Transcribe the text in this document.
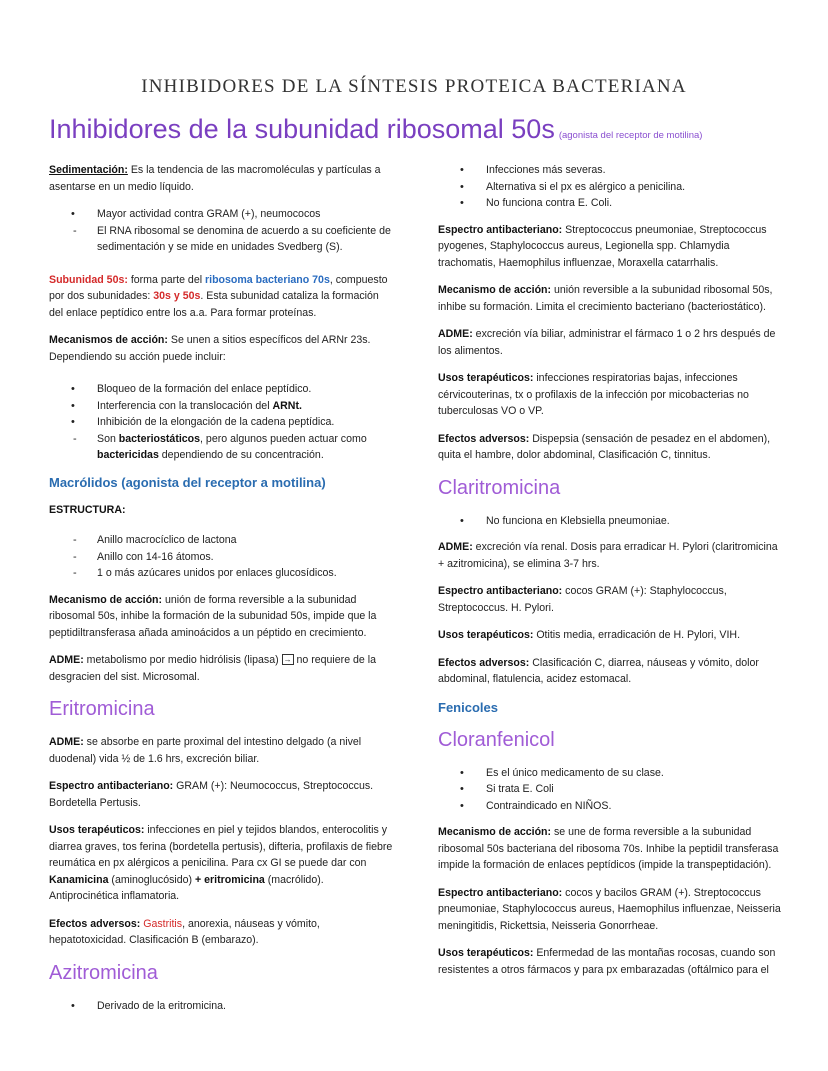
INHIBIDORES DE LA SÍNTESIS PROTEICA BACTERIANA
Inhibidores de la subunidad ribosomal 50s (agonista del receptor de motilina)

Sedimentación: Es la tendencia de las macromoléculas y partículas a asentarse en un medio líquido.

• Mayor actividad contra GRAM (+), neumococos
- El RNA ribosomal se denomina de acuerdo a su coeficiente de sedimentación y se mide en unidades Svedberg (S).

Subunidad 50s: forma parte del ribosoma bacteriano 70s, compuesto por dos subunidades: 30s y 50s. Esta subunidad cataliza la formación del enlace peptídico entre los a.a. Para formar proteínas.

Mecanismos de acción: Se unen a sitios específicos del ARNr 23s. Dependiendo su acción puede incluir:

• Bloqueo de la formación del enlace peptídico.
• Interferencia con la translocación del ARNt.
• Inhibición de la elongación de la cadena peptídica.
- Son bacteriostáticos, pero algunos pueden actuar como bactericidas dependiendo de su concentración.
Macrólidos (agonista del receptor a motilina)

ESTRUCTURA:

- Anillo macrocíclico de lactona
- Anillo con 14-16 átomos.
- 1 o más azúcares unidos por enlaces glucosídicos.

Mecanismo de acción: unión de forma reversible a la subunidad ribosomal 50s, inhibe la formación de la subunidad 50s, impide que la peptidiltransferasa añada aminoácidos a un péptido en crecimiento.

ADME: metabolismo por medio hidrólisis (lipasa) → no requiere de la desgracien del sist. Microsomal.

Eritromicina

ADME: se absorbe en parte proximal del intestino delgado (a nivel duodenal) vida ½ de 1.6 hrs, excreción biliar.

Espectro antibacteriano: GRAM (+): Neumococcus, Streptococcus. Bordetella Pertusis.

Usos terapéuticos: infecciones en piel y tejidos blandos, enterocolitis y diarrea graves, tos ferina (bordetella pertusis), difteria, profilaxis de fiebre reumática en px alérgicos a penicilina. Para cx GI se puede dar con Kanamicina (aminoglucósido) + eritromicina (macrólido). Antiprocinética inflamatoria.

Efectos adversos: Gastritis, anorexia, náuseas y vómito, hepatotoxicidad. Clasificación B (embarazo).

Azitromicina
• Derivado de la eritromicina.
• Infecciones más severas.
• Alternativa si el px es alérgico a penicilina.
• No funciona contra E. Coli.

Espectro antibacteriano: Streptococcus pneumoniae, Streptococcus pyogenes, Staphylococcus aureus, Legionella spp. Chlamydia trachomatis, Haemophilus influenzae, Moraxella catarrhalis.

Mecanismo de acción: unión reversible a la subunidad ribosomal 50s, inhibe su formación. Limita el crecimiento bacteriano (bacteriostático).

ADME: excreción vía biliar, administrar el fármaco 1 o 2 hrs después de los alimentos.

Usos terapéuticos: infecciones respiratorias bajas, infecciones cérvicouterinas, tx o profilaxis de la infección por micobacterias no tuberculosas VO o VP.

Efectos adversos: Dispepsia (sensación de pesadez en el abdomen), quita el hambre, dolor abdominal, Clasificación C, tinnitus.

Claritromicina
• No funciona en Klebsiella pneumoniae.

ADME: excreción vía renal. Dosis para erradicar H. Pylori (claritromicina + azitromicina), se elimina 3-7 hrs.

Espectro antibacteriano: cocos GRAM (+): Staphylococcus, Streptococcus. H. Pylori.

Usos terapéuticos: Otitis media, erradicación de H. Pylori, VIH.

Efectos adversos: Clasificación C, diarrea, náuseas y vómito, dolor abdominal, flatulencia, acidez estomacal.

Fenicoles
Cloranfenicol
• Es el único medicamento de su clase.
• Si trata E. Coli
• Contraindicado en NIÑOS.

Mecanismo de acción: se une de forma reversible a la subunidad ribosomal 50s bacteriana del ribosoma 70s. Inhibe la peptidil transferasa impide la formación de enlaces peptídicos (impide la transpeptidación).

Espectro antibacteriano: cocos y bacilos GRAM (+). Streptococcus pneumoniae, Staphylococcus aureus, Haemophilus influenzae, Neisseria meningitidis, Rickettsia, Neisseria Gonorrheae.

Usos terapéuticos: Enfermedad de las montañas rocosas, cuando son resistentes a otros fármacos y para px embarazadas (oftálmico para el
